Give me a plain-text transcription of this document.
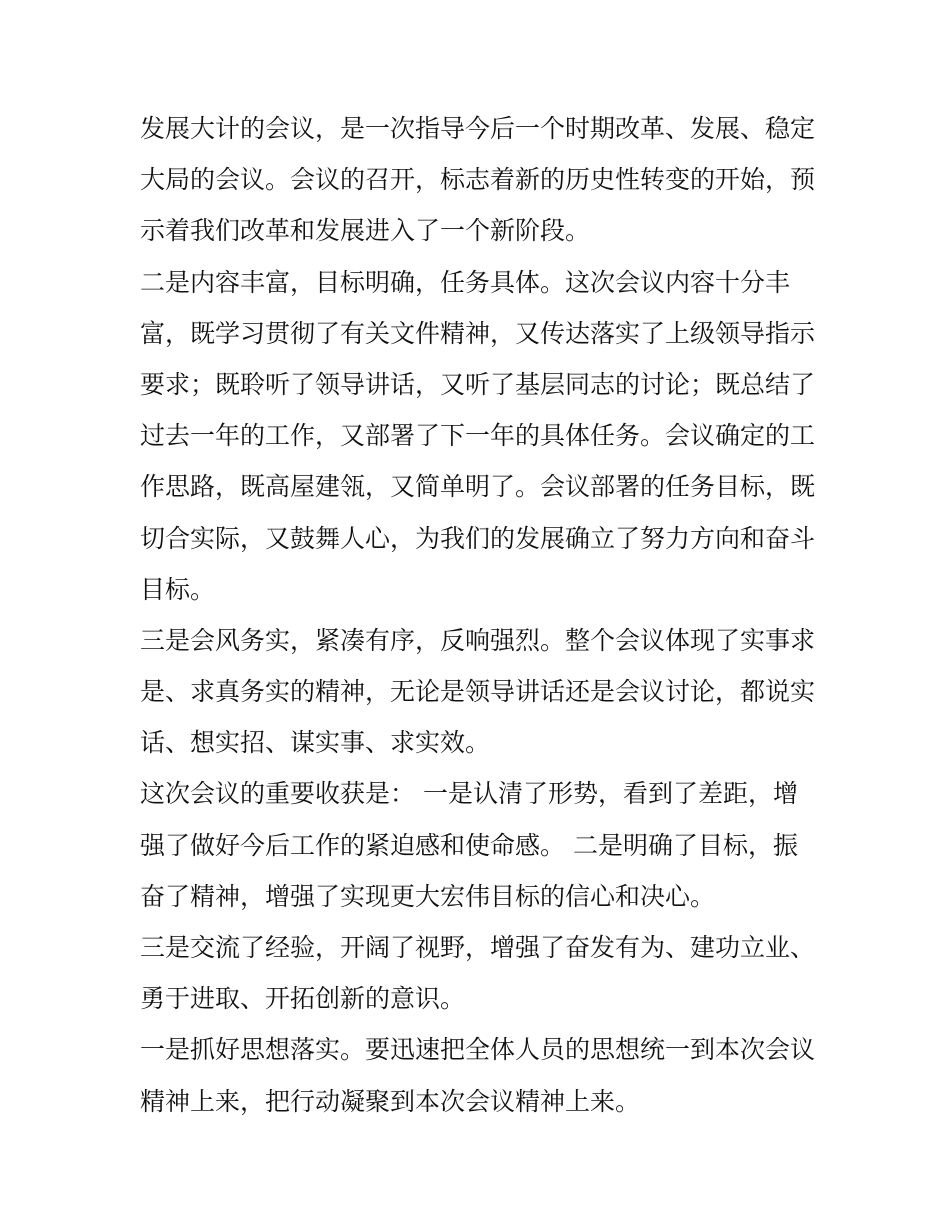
发展大计的会议，是一次指导今后一个时期改革、发展、稳定
大局的会议。会议的召开，标志着新的历史性转变的开始，预
示着我们改革和发展进入了一个新阶段。
二是内容丰富，目标明确，任务具体。这次会议内容十分丰
富，既学习贯彻了有关文件精神，又传达落实了上级领导指示
要求；既聆听了领导讲话，又听了基层同志的讨论；既总结了
过去一年的工作，又部署了下一年的具体任务。会议确定的工
作思路，既高屋建瓴，又简单明了。会议部署的任务目标，既
切合实际，又鼓舞人心，为我们的发展确立了努力方向和奋斗
目标。
三是会风务实，紧凑有序，反响强烈。整个会议体现了实事求
是、求真务实的精神，无论是领导讲话还是会议讨论，都说实
话、想实招、谋实事、求实效。
这次会议的重要收获是： 一是认清了形势，看到了差距，增
强了做好今后工作的紧迫感和使命感。 二是明确了目标，振
奋了精神，增强了实现更大宏伟目标的信心和决心。
三是交流了经验，开阔了视野，增强了奋发有为、建功立业、
勇于进取、开拓创新的意识。
一是抓好思想落实。要迅速把全体人员的思想统一到本次会议
精神上来，把行动凝聚到本次会议精神上来。
